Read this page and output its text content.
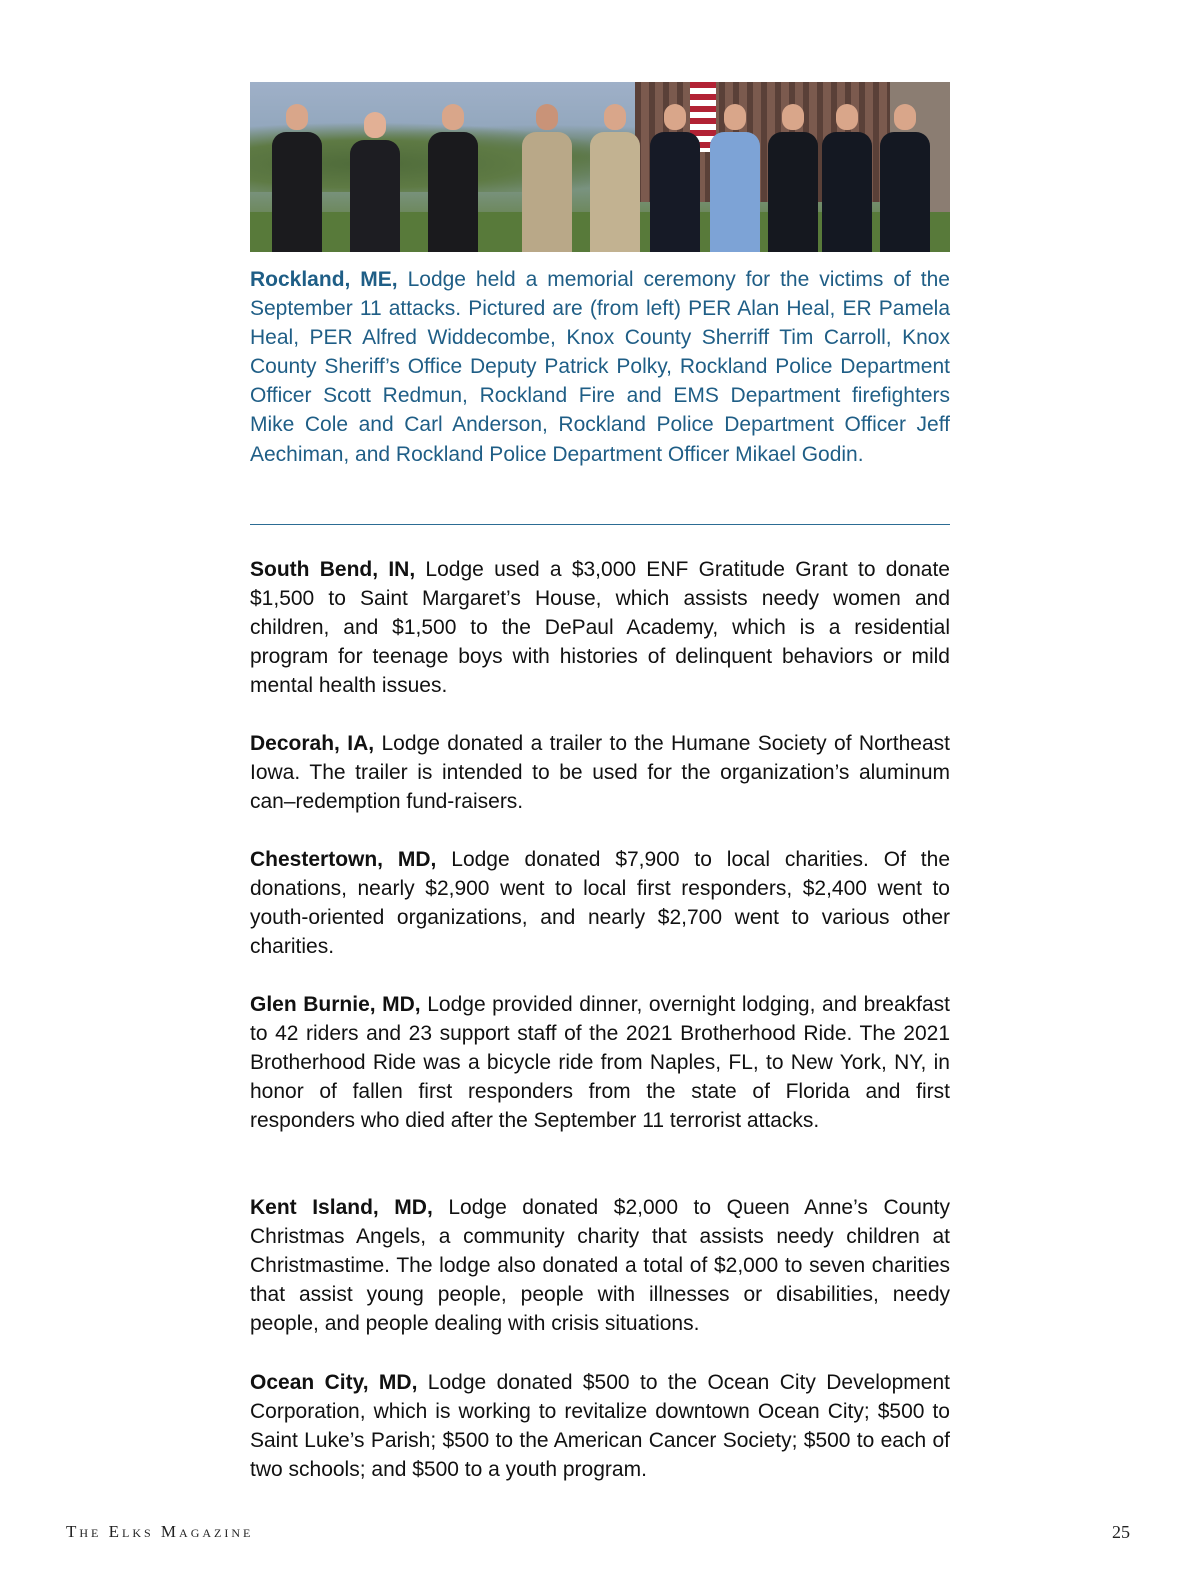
Rockland, ME, Lodge held a memorial ceremony for the victims of the September 11 attacks. Pictured are (from left) PER Alan Heal, ER Pamela Heal, PER Alfred Widdecombe, Knox County Sherriff Tim Carroll, Knox County Sheriff’s Office Deputy Patrick Polky, Rockland Police Department Officer Scott Redmun, Rockland Fire and EMS Department firefighters Mike Cole and Carl Anderson, Rockland Police Department Officer Jeff Aechiman, and Rockland Police Department Officer Mikael Godin.

South Bend, IN, Lodge used a $3,000 ENF Gratitude Grant to donate $1,500 to Saint Margaret’s House, which assists needy women and children, and $1,500 to the DePaul Academy, which is a residential program for teenage boys with histories of delinquent behaviors or mild mental health issues.

Decorah, IA, Lodge donated a trailer to the Humane Society of Northeast Iowa. The trailer is intended to be used for the organization’s aluminum can–redemption fund-raisers.

Chestertown, MD, Lodge donated $7,900 to local charities. Of the donations, nearly $2,900 went to local first responders, $2,400 went to youth-oriented organizations, and nearly $2,700 went to various other charities.

Glen Burnie, MD, Lodge provided dinner, overnight lodging, and breakfast to 42 riders and 23 support staff of the 2021 Brotherhood Ride. The 2021 Brotherhood Ride was a bicycle ride from Naples, FL, to New York, NY, in honor of fallen first responders from the state of Florida and first responders who died after the September 11 terrorist attacks.

Kent Island, MD, Lodge donated $2,000 to Queen Anne’s County Christmas Angels, a community charity that assists needy children at Christmastime. The lodge also donated a total of $2,000 to seven charities that assist young people, people with illnesses or disabilities, needy people, and people dealing with crisis situations.

Ocean City, MD, Lodge donated $500 to the Ocean City Development Corporation, which is working to revitalize downtown Ocean City; $500 to Saint Luke’s Parish; $500 to the American Cancer Society; $500 to each of two schools; and $500 to a youth program.

The Elks Magazine	25
